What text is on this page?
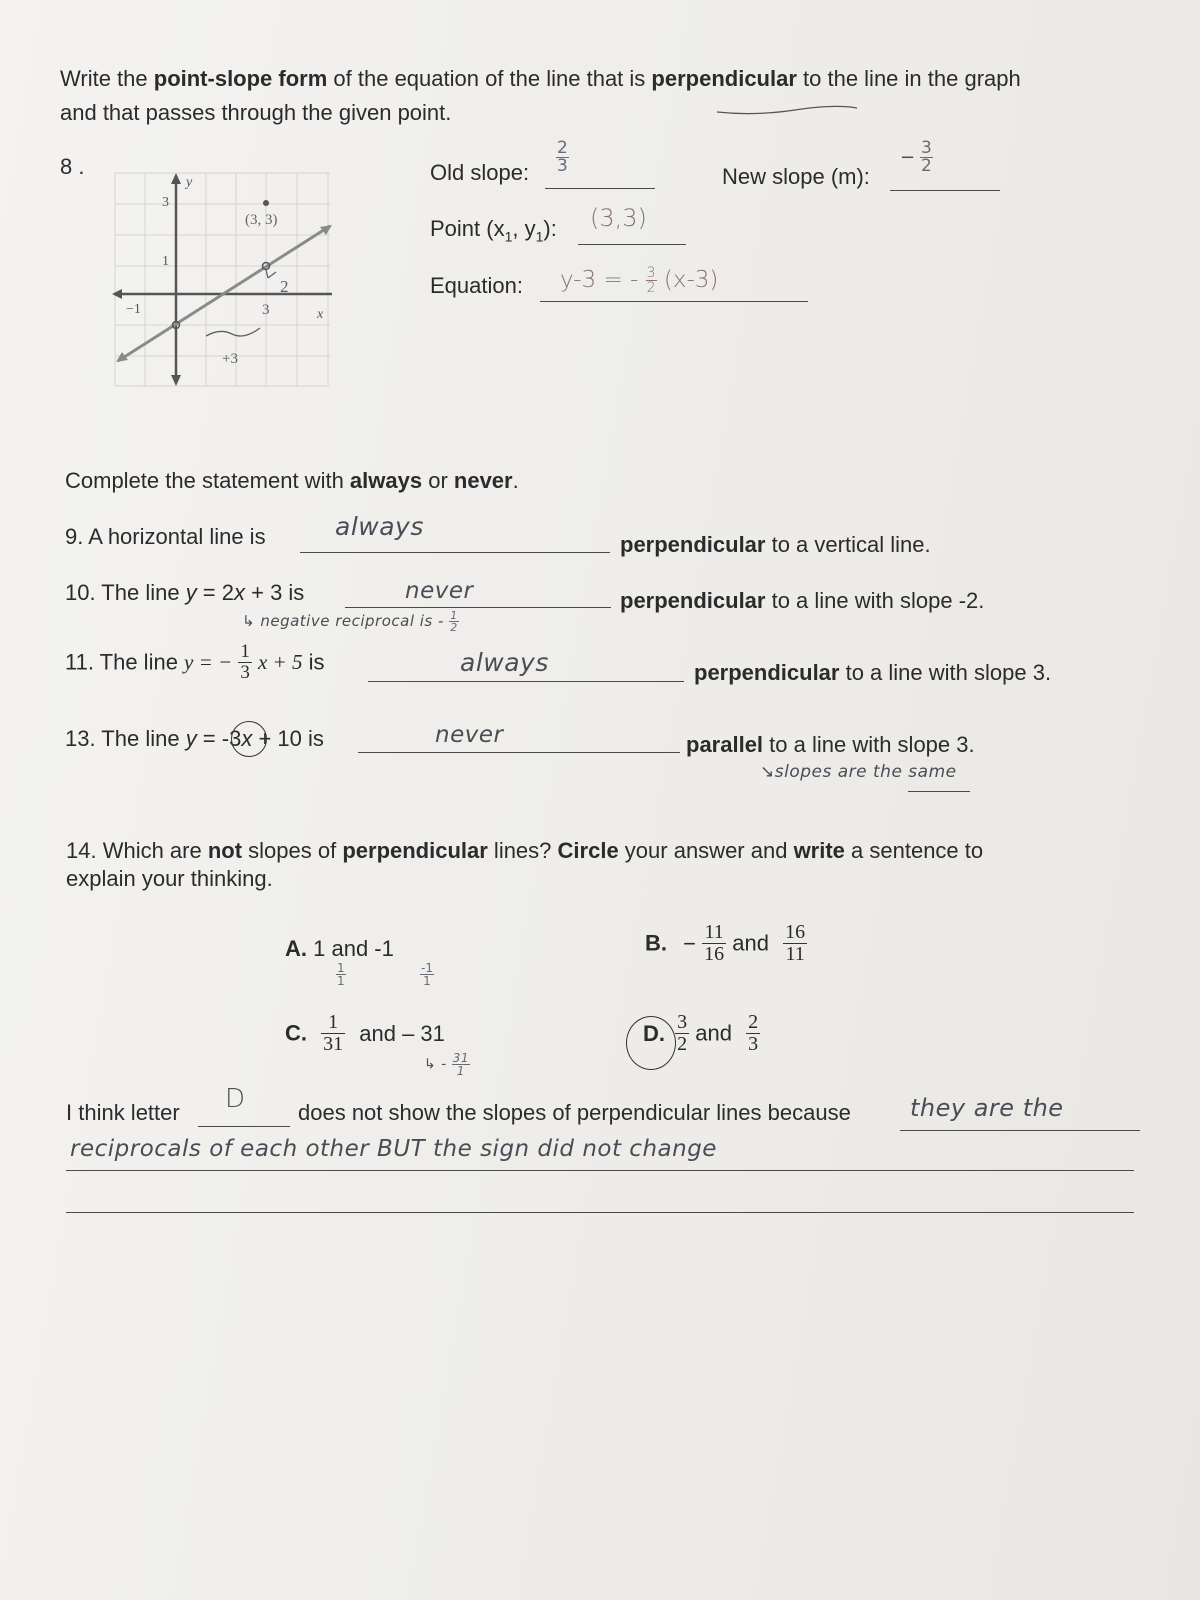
Write the point-slope form of the equation of the line that is perpendicular to the line in the graph
and that passes through the given point.
8 .
(3, 3)
y
x
3
1
−1
2
3
+3
Old slope: $\frac{2}{3}$
New slope (m):
− $\frac{3}{2}$
Point ($x_1$, $y_1$): (3,3)
Equation: y-3 = - $\frac{3}{2} (x-3)$
Complete the statement with always or never.
9. A horizontal line is	always
perpendicular to a vertical line.
10. The line y = 2x + 3 is	never	perpendicular to a line with slope -2.
↳ negative reciprocal is - $\frac{1}{2}$
11. The line y = − $\frac{1}{3}$ x + 5 is	always	perpendicular to a line with slope 3.
13. The line y = -3x + 10 is	never	parallel to a line with slope 3.
↘slopes are the same
14. Which are not slopes of perpendicular lines? Circle your answer and write a sentence to
explain your thinking.
A. 1 and -1
$\frac{1}{1}$	$\frac{-1}{1}$
B. − $\frac{11}{16}$ and $\frac{16}{11}$
C. $\frac{1}{31}$ and – 31
↳ - $\frac{31}{1}$
D. $\frac{3}{2}$ and $\frac{2}{3}$
I think letter D does not show the slopes of perpendicular lines because they are the
reciprocals of each other BUT the sign did not change
